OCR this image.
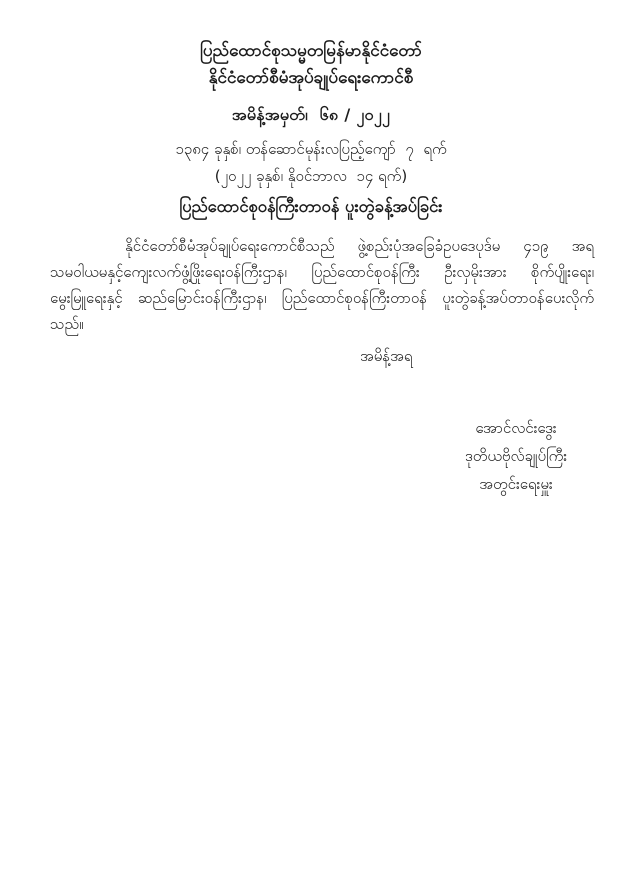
ပြည်ထောင်စုသမ္မတမြန်မာနိုင်ငံတော်
နိုင်ငံတော်စီမံအုပ်ချုပ်ရေးကောင်စီ
အမိန့်အမှတ်၊  ၆၈ / ၂၀၂၂
၁၃၈၄ ခုနှစ်၊ တန်ဆောင်မုန်းလပြည့်ကျော်  ၇  ရက်
(၂၀၂၂ ခုနှစ်၊ နိုဝင်ဘာလ  ၁၄ ရက်)
ပြည်ထောင်စုဝန်ကြီးတာဝန် ပူးတွဲခန့်အပ်ခြင်း
နိုင်ငံတော်စီမံအုပ်ချုပ်ရေးကောင်စီသည် ဖွဲ့စည်းပုံအခြေခံဥပဒေပုဒ်မ ၄၁၉ အရ သမဝါယမနှင့်ကျေးလက်ဖွံ့ဖြိုးရေးဝန်ကြီးဌာန၊ ပြည်ထောင်စုဝန်ကြီး ဦးလှမိုးအား စိုက်ပျိုးရေး၊ မွေးမြူရေးနှင့် ဆည်မြောင်းဝန်ကြီးဌာန၊ ပြည်ထောင်စုဝန်ကြီးတာဝန် ပူးတွဲခန့်အပ်တာဝန်ပေးလိုက်သည်။
အမိန့်အရ
အောင်လင်းဒွေး
ဒုတိယဗိုလ်ချုပ်ကြီး
အတွင်းရေးမှူး
